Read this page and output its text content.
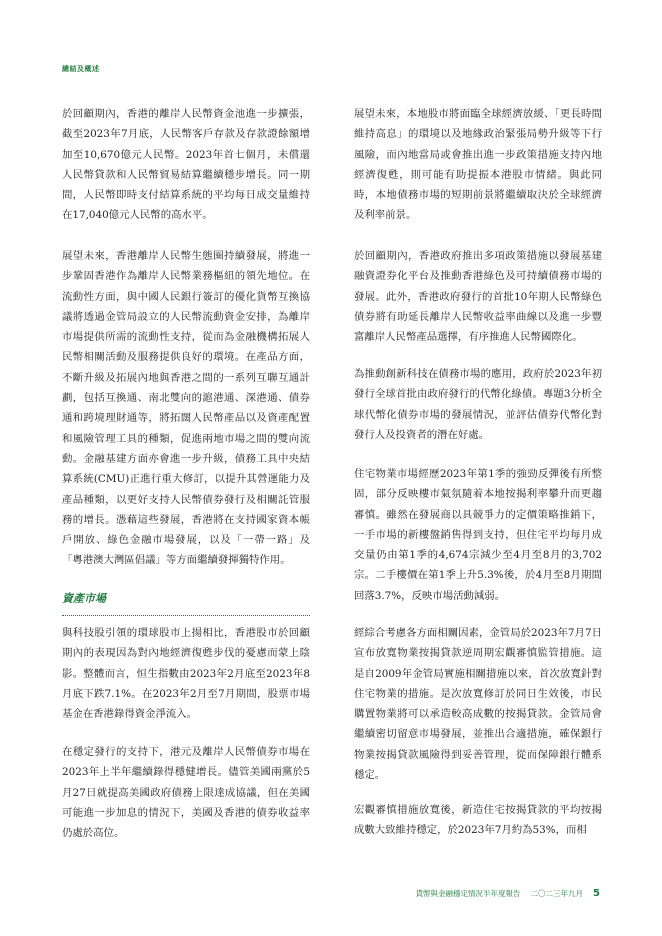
總結及概述

於回顧期內，香港的離岸人民幣資金池進一步擴張，截至2023年7月底，人民幣客戶存款及存款證餘額增加至10,670億元人民幣。2023年首七個月，未償還人民幣貸款和人民幣貿易結算繼續穩步增長。同一期間，人民幣即時支付結算系統的平均每日成交量維持在17,040億元人民幣的高水平。

展望未來，香港離岸人民幣生態圈持續發展，將進一步鞏固香港作為離岸人民幣業務樞紐的領先地位。在流動性方面，與中國人民銀行簽訂的優化貨幣互換協議將透過金管局設立的人民幣流動資金安排，為離岸市場提供所需的流動性支持，從而為金融機構拓展人民幣相關活動及服務提供良好的環境。在產品方面，不斷升級及拓展內地與香港之間的一系列互聯互通計劃，包括互換通、南北雙向的滬港通、深港通、債券通和跨境理財通等，將拓闊人民幣產品以及資產配置和風險管理工具的種類，促進兩地市場之間的雙向流動。金融基建方面亦會進一步升級，債務工具中央結算系統(CMU)正進行重大修訂，以提升其營運能力及產品種類，以更好支持人民幣債券發行及相關託管服務的增長。憑藉這些發展，香港將在支持國家資本帳戶開放、綠色金融市場發展，以及「一帶一路」及「粵港澳大灣區倡議」等方面繼續發揮獨特作用。

資產市場

與科技股引領的環球股市上揚相比，香港股市於回顧期內的表現因為對內地經濟復甦步伐的憂慮而蒙上陰影。整體而言，恒生指數由2023年2月底至2023年8月底下跌7.1%。在2023年2月至7月期間，股票市場基金在香港錄得資金淨流入。

在穩定發行的支持下，港元及離岸人民幣債券市場在2023年上半年繼續錄得穩健增長。儘管美國兩黨於5月27日就提高美國政府債務上限達成協議，但在美國可能進一步加息的情況下，美國及香港的債券收益率仍處於高位。

展望未來，本地股市將面臨全球經濟放緩、「更長時間維持高息」的環境以及地緣政治緊張局勢升級等下行風險，而內地當局或會推出進一步政策措施支持內地經濟復甦，則可能有助提振本港股市情緒。與此同時，本地債務市場的短期前景將繼續取決於全球經濟及利率前景。

於回顧期內，香港政府推出多項政策措施以發展基建融資證券化平台及推動香港綠色及可持續債務市場的發展。此外，香港政府發行的首批10年期人民幣綠色債券將有助延長離岸人民幣收益率曲線以及進一步豐富離岸人民幣產品選擇，有序推進人民幣國際化。

為推動創新科技在債務市場的應用，政府於2023年初發行全球首批由政府發行的代幣化綠債。專題3分析全球代幣化債券市場的發展情況，並評估債券代幣化對發行人及投資者的潛在好處。

住宅物業市場經歷2023年第1季的強勁反彈後有所整固，部分反映樓市氣氛隨着本地按揭利率攀升而更趨審慎。雖然在發展商以具競爭力的定價策略推銷下，一手市場的新樓盤銷售得到支持，但住宅平均每月成交量仍由第1季的4,674宗減少至4月至8月的3,702宗。二手樓價在第1季上升5.3%後，於4月至8月期間回落3.7%，反映市場活動減弱。

經綜合考慮各方面相關因素，金管局於2023年7月7日宣布放寬物業按揭貸款逆周期宏觀審慎監管措施。這是自2009年金管局實施相關措施以來，首次放寬針對住宅物業的措施。是次放寬修訂於同日生效後，市民購置物業將可以承造較高成數的按揭貸款。金管局會繼續密切留意市場發展，並推出合適措施，確保銀行物業按揭貸款風險得到妥善管理，從而保障銀行體系穩定。

宏觀審慎措施放寬後，新造住宅按揭貸款的平均按揭成數大致維持穩定，於2023年7月約為53%，而相

貨幣與金融穩定情況半年度報告 二〇二三年九月 5
